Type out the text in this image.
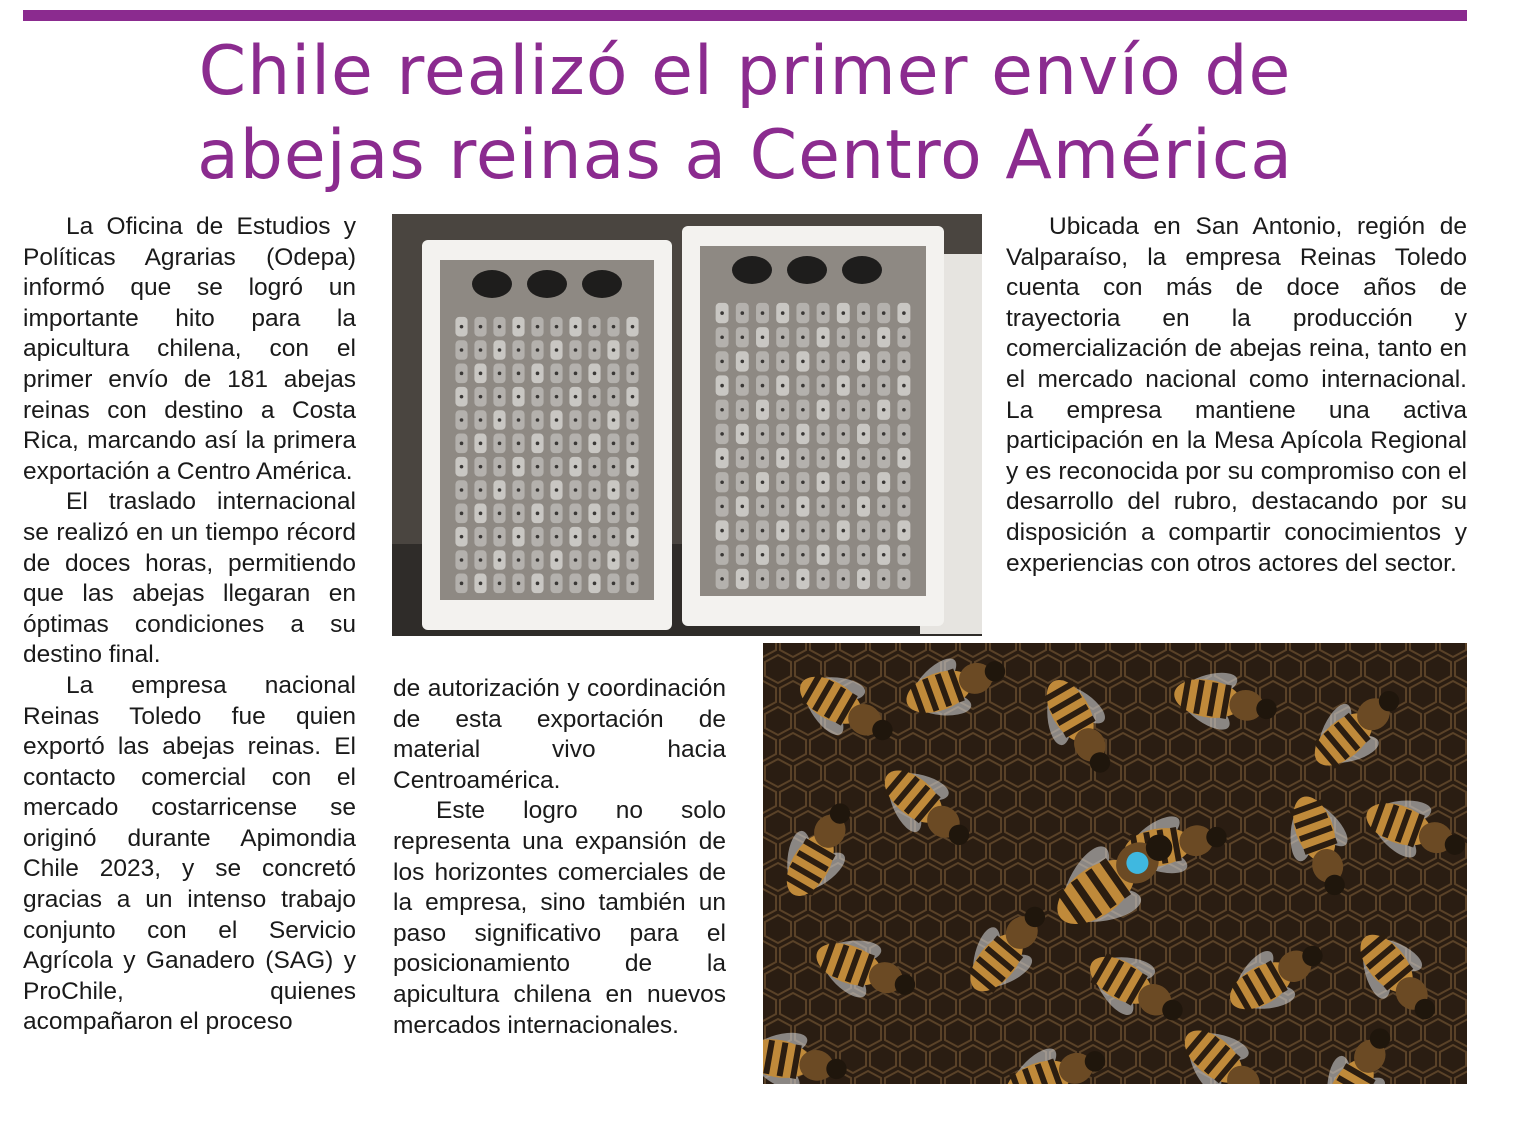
Chile realizó el primer envío de
abejas reinas a Centro América

La Oficina de Estudios y Políticas Agrarias (Odepa) informó que se logró un importante hito para la apicultura chilena, con el primer envío de 181 abejas reinas con destino a Costa Rica, marcando así la primera exportación a Centro América.

El traslado internacional se realizó en un tiempo récord de doces horas, permitiendo que las abejas llegaran en óptimas condiciones a su destino final.

La empresa nacional Reinas Toledo fue quien exportó las abejas reinas. El contacto comercial con el mercado costarricense se originó durante Apimondia Chile 2023, y se concretó gracias a un intenso trabajo conjunto con el Servicio Agrícola y Ganadero (SAG) y ProChile, quienes acompañaron el proceso

Ubicada en San Antonio, región de Valparaíso, la empresa Reinas Toledo cuenta con más de doce años de trayectoria en la producción y comercialización de abejas reina, tanto en el mercado nacional como internacional. La empresa mantiene una activa participación en la Mesa Apícola Regional y es reconocida por su compromiso con el desarrollo del rubro, destacando por su disposición a compartir conocimientos y experiencias con otros actores del sector.

de autorización y coordinación de esta exportación de material vivo hacia Centroamérica.

Este logro no solo representa una expansión de los horizontes comerciales de la empresa, sino también un paso significativo para el posicionamiento de la apicultura chilena en nuevos mercados internacionales.
